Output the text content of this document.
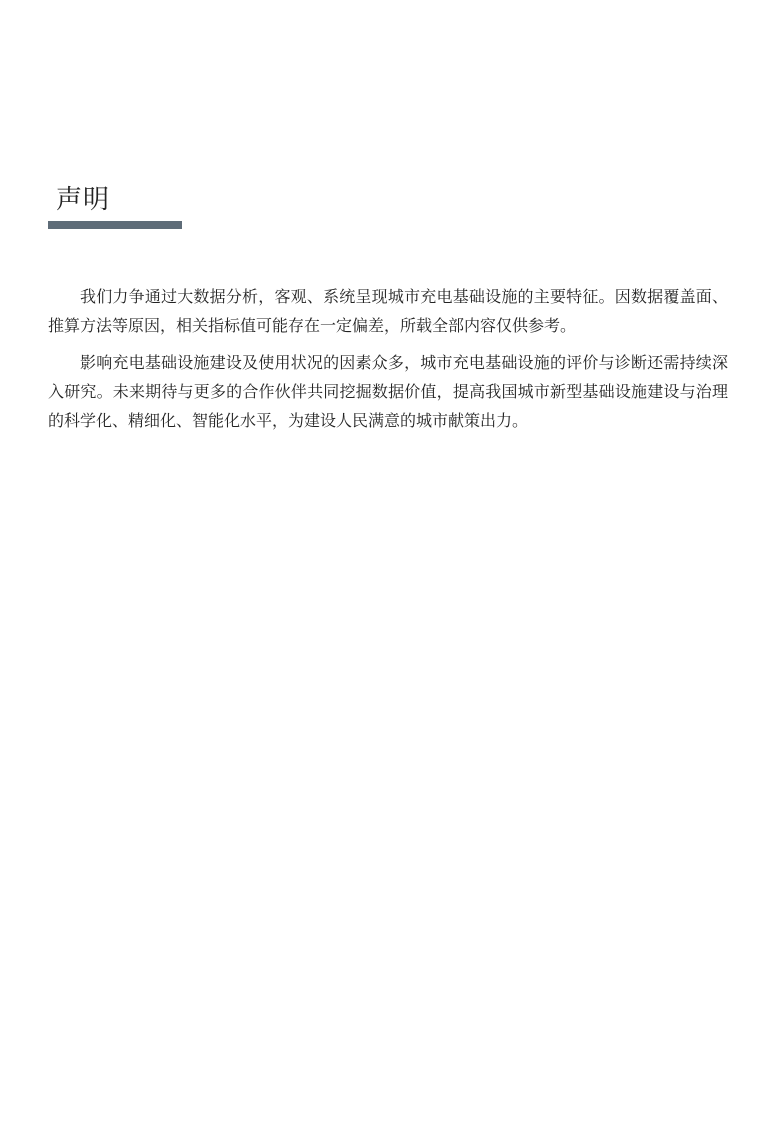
声明

我们力争通过大数据分析，客观、系统呈现城市充电基础设施的主要特征。因数据覆盖面、推算方法等原因，相关指标值可能存在一定偏差，所载全部内容仅供参考。

影响充电基础设施建设及使用状况的因素众多，城市充电基础设施的评价与诊断还需持续深入研究。未来期待与更多的合作伙伴共同挖掘数据价值，提高我国城市新型基础设施建设与治理的科学化、精细化、智能化水平，为建设人民满意的城市献策出力。
